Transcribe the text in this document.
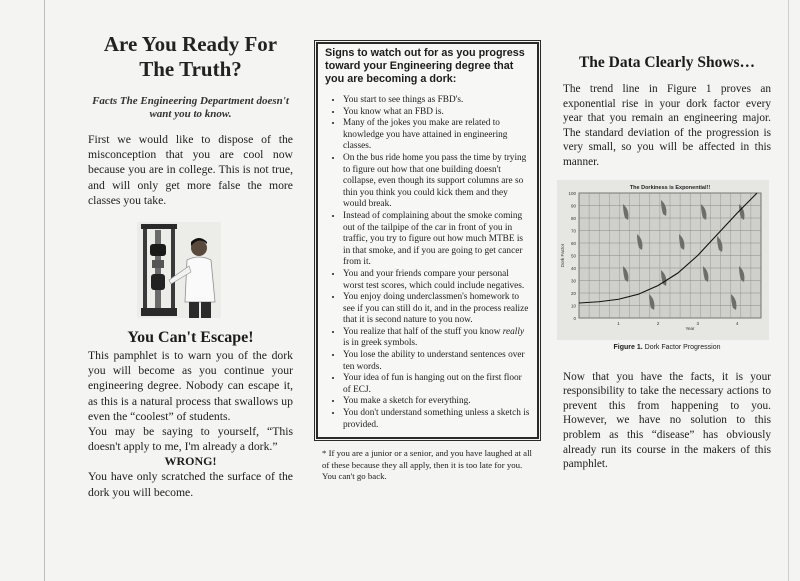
Are You Ready For The Truth?

Facts The Engineering Department doesn't want you to know.

First we would like to dispose of the misconception that you are cool now because you are in college. This is not true, and will only get more false the more classes you take.

You Can't Escape!

This pamphlet is to warn you of the dork you will become as you continue your engineering degree. Nobody can escape it, as this is a natural process that swallows up even the “coolest” of students.

You may be saying to yourself, “This doesn't apply to me, I'm already a dork.”

WRONG!

You have only scratched the surface of the dork you will become.

Signs to watch out for as you progress toward your Engineering degree that you are becoming a dork:

• You start to see things as FBD's.
• You know what an FBD is.
• Many of the jokes you make are related to knowledge you have attained in engineering classes.
• On the bus ride home you pass the time by trying to figure out how that one building doesn't collapse, even though its support columns are so thin you think you could kick them and they would break.
• Instead of complaining about the smoke coming out of the tailpipe of the car in front of you in traffic, you try to figure out how much MTBE is in that smoke, and if you are going to get cancer from it.
• You and your friends compare your personal worst test scores, which could include negatives.
• You enjoy doing underclassmen's homework to see if you can still do it, and in the process realize that it is second nature to you now.
• You realize that half of the stuff you know really is in greek symbols.
• You lose the ability to understand sentences over ten words.
• Your idea of fun is hanging out on the first floor of ECJ.
• You make a sketch for everything.
• You don't understand something unless a sketch is provided.

* If you are a junior or a senior, and you have laughed at all of these because they all apply, then it is too late for you. You can't go back.

The Data Clearly Shows…

The trend line in Figure 1 proves an exponential rise in your dork factor every year that you remain an engineering major. The standard deviation of the progression is very small, so you will be affected in this manner.

0
10
20
30
40
50
60
70
80
90
100
1	2	3	4
The Dorkiness is Exponential!!
Year
Dork Factor

Figure 1. Dork Factor Progression

Now that you have the facts, it is your responsibility to take the necessary actions to prevent this from happening to you. However, we have no solution to this problem as this “disease” has obviously already run its course in the makers of this pamphlet.
